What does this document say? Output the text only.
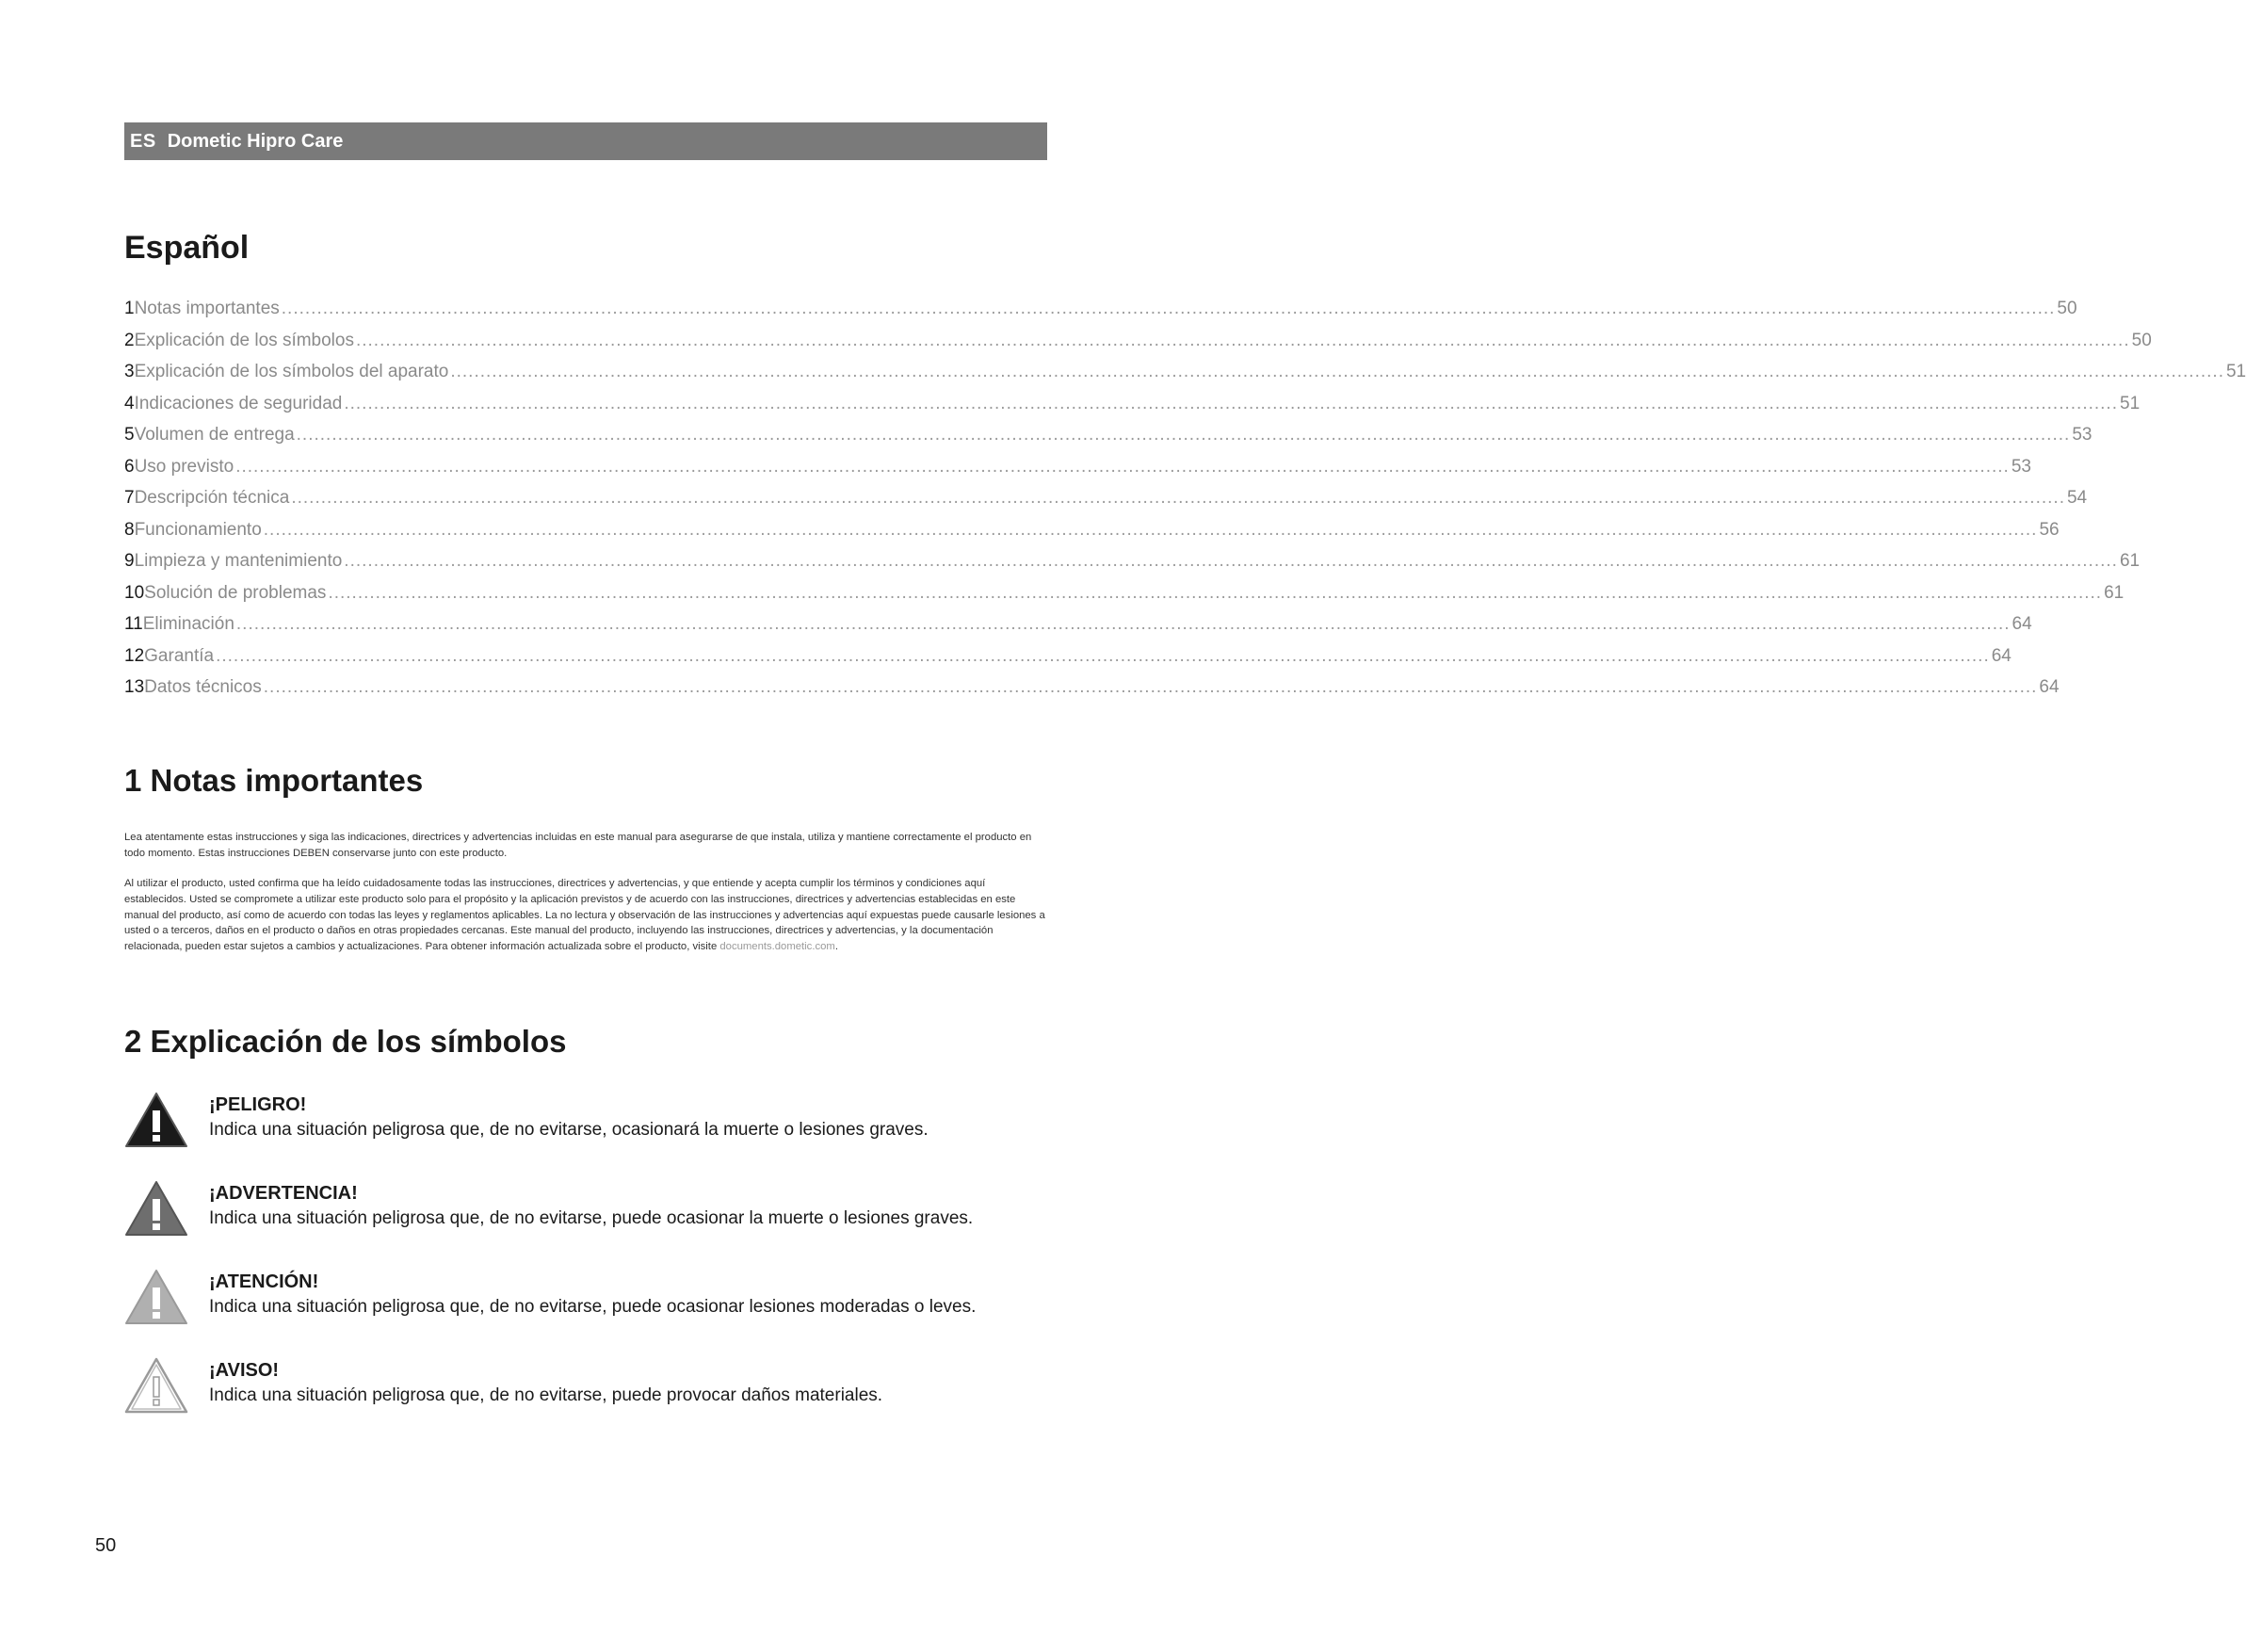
ES Dometic Hipro Care
Español
1 Notas importantes ............................................................................................................................................................................................................................................................................................................ 50
2 Explicación de los símbolos ............................................................................................................................................................................................................................................................................................................ 50
3 Explicación de los símbolos del aparato ............................................................................................................................................................................................................................................................................................................ 51
4 Indicaciones de seguridad ............................................................................................................................................................................................................................................................................................................ 51
5 Volumen de entrega ............................................................................................................................................................................................................................................................................................................ 53
6 Uso previsto ............................................................................................................................................................................................................................................................................................................ 53
7 Descripción técnica ............................................................................................................................................................................................................................................................................................................ 54
8 Funcionamiento ............................................................................................................................................................................................................................................................................................................ 56
9 Limpieza y mantenimiento ............................................................................................................................................................................................................................................................................................................ 61
10 Solución de problemas ............................................................................................................................................................................................................................................................................................................ 61
11 Eliminación ............................................................................................................................................................................................................................................................................................................ 64
12 Garantía ............................................................................................................................................................................................................................................................................................................ 64
13 Datos técnicos ............................................................................................................................................................................................................................................................................................................ 64
1 Notas importantes

Lea atentamente estas instrucciones y siga las indicaciones, directrices y advertencias incluidas en este manual para asegurarse de que instala, utiliza y mantiene correctamente el producto en todo momento. Estas instrucciones DEBEN conservarse junto con este producto.

Al utilizar el producto, usted confirma que ha leído cuidadosamente todas las instrucciones, directrices y advertencias, y que entiende y acepta cumplir los términos y condiciones aquí establecidos. Usted se compromete a utilizar este producto solo para el propósito y la aplicación previstos y de acuerdo con las instrucciones, directrices y advertencias establecidas en este manual del producto, así como de acuerdo con todas las leyes y reglamentos aplicables. La no lectura y observación de las instrucciones y advertencias aquí expuestas puede causarle lesiones a usted o a terceros, daños en el producto o daños en otras propiedades cercanas. Este manual del producto, incluyendo las instrucciones, directrices y advertencias, y la documentación relacionada, pueden estar sujetos a cambios y actualizaciones. Para obtener información actualizada sobre el producto, visite documents.dometic.com.

2 Explicación de los símbolos
¡PELIGRO!
Indica una situación peligrosa que, de no evitarse, ocasionará la muerte o lesiones graves.
¡ADVERTENCIA!
Indica una situación peligrosa que, de no evitarse, puede ocasionar la muerte o lesiones graves.
¡ATENCIÓN!
Indica una situación peligrosa que, de no evitarse, puede ocasionar lesiones moderadas o leves.
¡AVISO!
Indica una situación peligrosa que, de no evitarse, puede provocar daños materiales.
50
